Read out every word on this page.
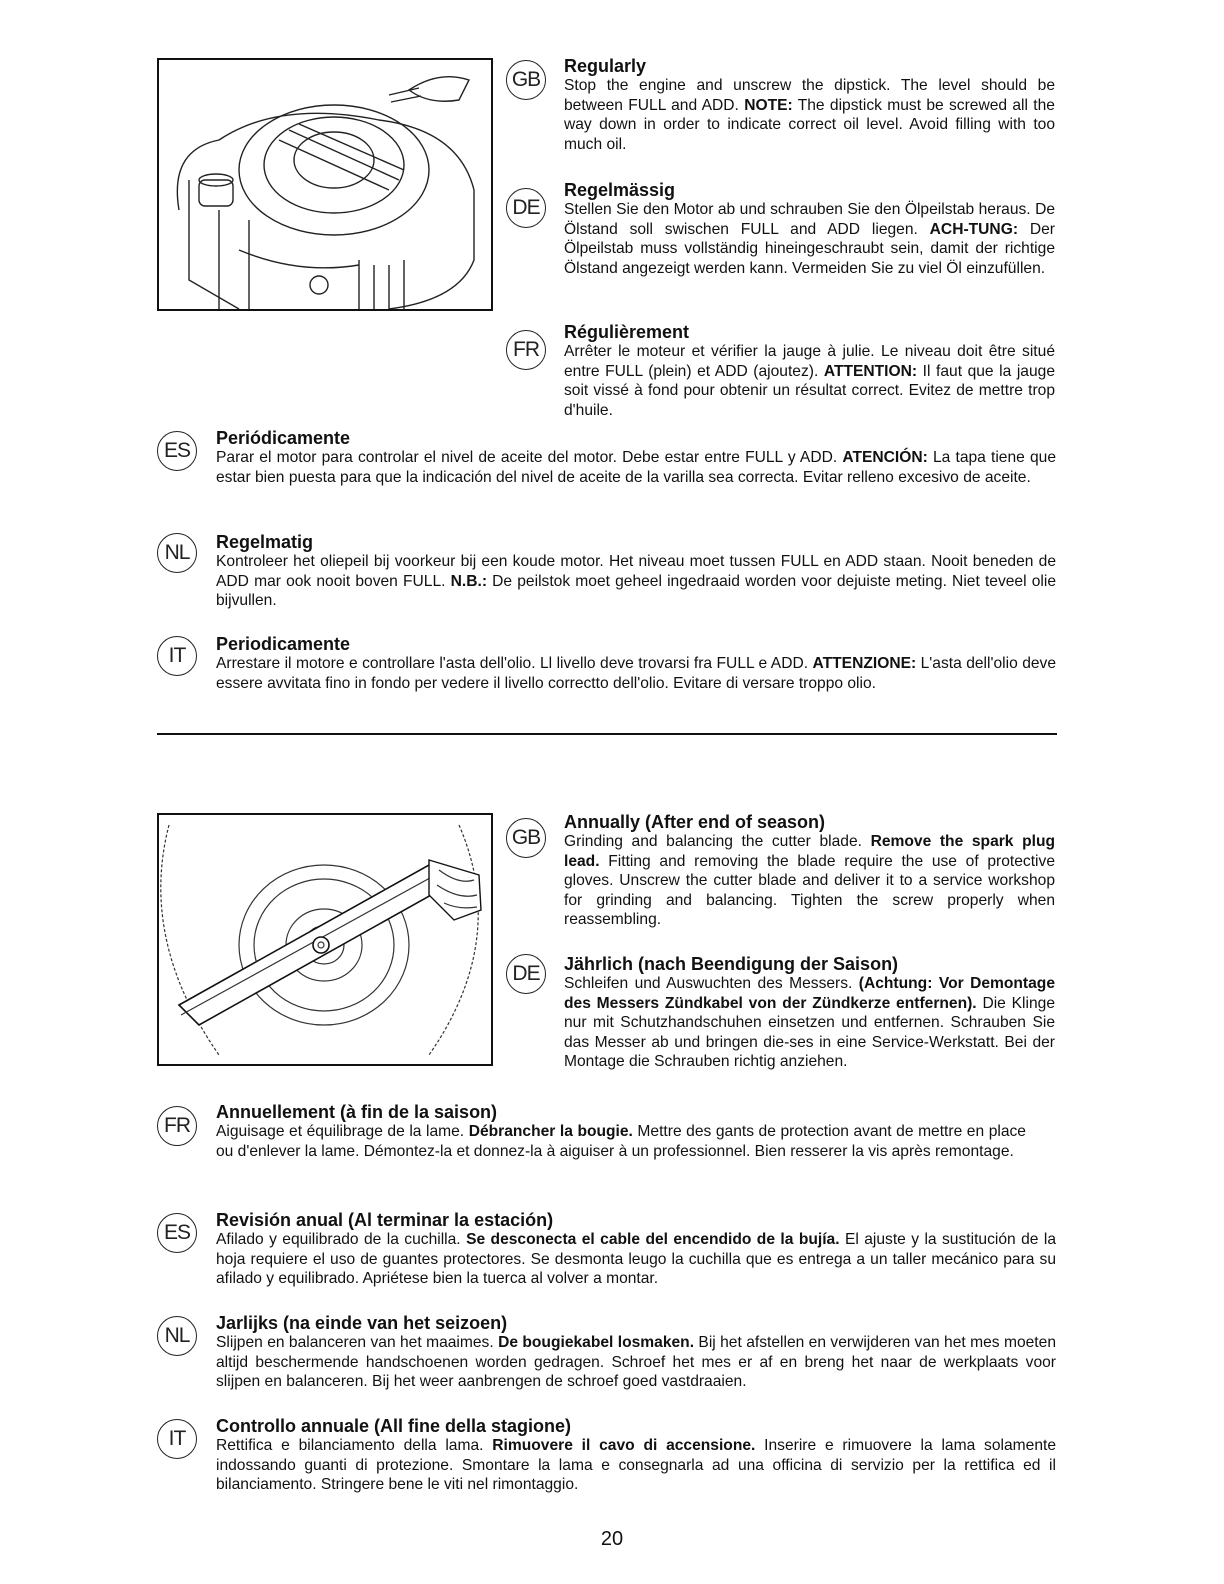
GB
Regularly

Stop the engine and unscrew the dipstick. The level should be between FULL and ADD. NOTE: The dipstick must be screwed all the way down in order to indicate correct oil level. Avoid filling with too much oil.

DE
Regelmässig

Stellen Sie den Motor ab und schrauben Sie den Ölpeilstab heraus. De Ölstand soll swischen FULL and ADD liegen. ACH-TUNG: Der Ölpeilstab muss vollständig hineingeschraubt sein, damit der richtige Ölstand angezeigt werden kann. Vermeiden Sie zu viel Öl einzufüllen.

FR
Régulièrement

Arrêter le moteur et vérifier la jauge à julie. Le niveau doit être situé entre FULL (plein) et ADD (ajoutez). ATTENTION: Il faut que la jauge soit vissé à fond pour obtenir un résultat correct. Evitez de mettre trop d'huile.

ES
Periódicamente

Parar el motor para controlar el nivel de aceite del motor. Debe estar entre FULL y ADD. ATENCIÓN: La tapa tiene que estar bien puesta para que la indicación del nivel de aceite de la varilla sea correcta. Evitar relleno excesivo de aceite.

NL	Regelmatig

Kontroleer het oliepeil bij voorkeur bij een koude motor. Het niveau moet tussen FULL en ADD staan. Nooit beneden de ADD mar ook nooit boven FULL. N.B.: De peilstok moet geheel ingedraaid worden voor dejuiste meting. Niet teveel olie bijvullen.

IT	Periodicamente

Arrestare il motore e controllare l'asta dell'olio. Ll livello deve trovarsi fra FULL e ADD. ATTENZIONE: L'asta dell'olio deve essere avvitata fino in fondo per vedere il livello correctto dell'olio. Evitare di versare troppo olio.

GB
Annually (After end of season)

Grinding and balancing the cutter blade. Remove the spark plug lead. Fitting and removing the blade require the use of protective gloves. Unscrew the cutter blade and deliver it to a service workshop for grinding and balancing. Tighten the screw properly when reassembling.

DE	Jährlich (nach Beendigung der Saison)

Schleifen und Auswuchten des Messers. (Achtung: Vor Demontage des Messers Zündkabel von der Zündkerze entfernen). Die Klinge nur mit Schutzhandschuhen einsetzen und entfernen. Schrauben Sie das Messer ab und bringen die-ses in eine Service-Werkstatt. Bei der Montage die Schrauben richtig anziehen.

FR
Annuellement (à fin de la saison)

Aiguisage et équilibrage de la lame. Débrancher la bougie. Mettre des gants de protection avant de mettre en place ou d'enlever la lame. Démontez-la et donnez-la à aiguiser à un professionnel. Bien resserer la vis après remontage.

ES
Revisión anual (Al terminar la estación)

Afilado y equilibrado de la cuchilla. Se desconecta el cable del encendido de la bujía. El ajuste y la sustitución de la hoja requiere el uso de guantes protectores. Se desmonta leugo la cuchilla que es entrega a un taller mecánico para su afilado y equilibrado. Apriétese bien la tuerca al volver a montar.

NL
Jarlijks (na einde van het seizoen)

Slijpen en balanceren van het maaimes. De bougiekabel losmaken. Bij het afstellen en verwijderen van het mes moeten altijd beschermende handschoenen worden gedragen. Schroef het mes er af en breng het naar de werkplaats voor slijpen en balanceren. Bij het weer aanbrengen de schroef goed vastdraaien.

IT
Controllo annuale (All fine della stagione)

Rettifica e bilanciamento della lama. Rimuovere il cavo di accensione. Inserire e rimuovere la lama solamente indossando guanti di protezione. Smontare la lama e consegnarla ad una officina di servizio per la rettifica ed il bilanciamento. Stringere bene le viti nel rimontaggio.

20
